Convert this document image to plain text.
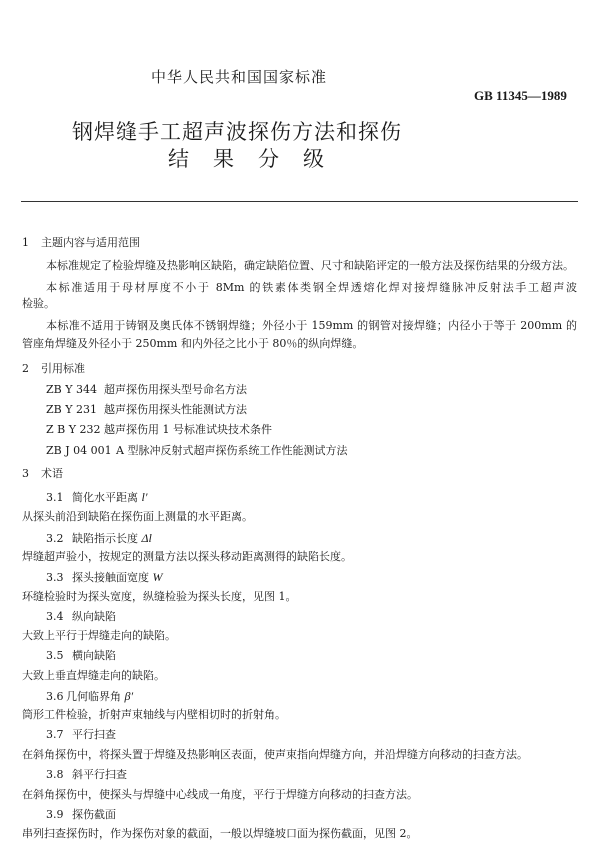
中华人民共和国国家标准
GB 11345—1989
钢焊缝手工超声波探伤方法和探伤
结 果 分 级
1 主题内容与适用范围
本标准规定了检验焊缝及热影响区缺陷，确定缺陷位置、尺寸和缺陷评定的一般方法及探伤结果的分级方法。
本标准适用于母材厚度不小于 8Mm 的铁素体类钢全焊透熔化焊对接焊缝脉冲反射法手工超声波
检验。
本标准不适用于铸钢及奥氏体不锈钢焊缝；外径小于 159mm 的钢管对接焊缝；内径小于等于 200mm 的
管座角焊缝及外径小于 250mm 和内外径之比小于 80％的纵向焊缝。
2 引用标准
ZB Y 344 超声探伤用探头型号命名方法
ZB Y 231 越声探伤用探头性能测试方法
Z B Y 232 越声探伤用 1 号标准试块技术条件
ZB J 04 001 A 型脉冲反射式超声探伤系统工作性能测试方法
3 术语
3.1 简化水平距离 l′
从探头前沿到缺陷在探伤面上测量的水平距离。
3.2 缺陷指示长度 Δl
焊缝超声验小，按规定的测量方法以探头移动距离测得的缺陷长度。
3.3 探头接触面宽度 W
环缝检验时为探头宽度，纵缝检验为探头长度，见图 1。
3.4 纵向缺陷
大致上平行于焊缝走向的缺陷。
3.5 横向缺陷
大致上垂直焊缝走向的缺陷。
3.6 几何临界角 β′
筒形工件检验，折射声束轴线与内壁相切时的折射角。
3.7 平行扫查
在斜角探伤中，将探头置于焊缝及热影响区表面，使声束指向焊缝方向，并沿焊缝方向移动的扫查方法。
3.8 斜平行扫查
在斜角探伤中，使探头与焊缝中心线成一角度，平行于焊缝方向移动的扫查方法。
3.9 探伤截面
串列扫查探伤时，作为探伤对象的截面，一般以焊缝坡口面为探伤截面，见图 2。
